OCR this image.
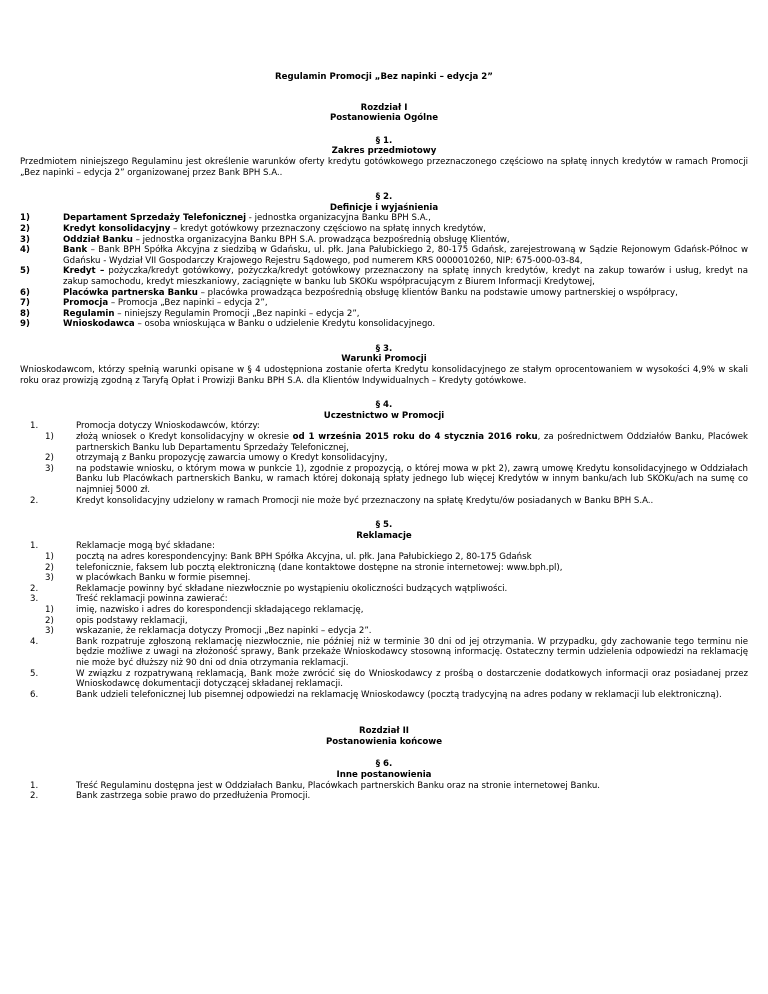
Regulamin Promocji „Bez napinki – edycja 2”
Rozdział I
Postanowienia Ogólne
§ 1.
Zakres przedmiotowy

Przedmiotem niniejszego Regulaminu jest określenie warunków oferty kredytu gotówkowego przeznaczonego częściowo na spłatę innych kredytów w ramach Promocji „Bez napinki – edycja 2” organizowanej przez Bank BPH S.A..

§ 2.
Definicje i wyjaśnienia
1)	Departament Sprzedaży Telefonicznej - jednostka organizacyjna Banku BPH S.A.,
2)	Kredyt konsolidacyjny – kredyt gotówkowy przeznaczony częściowo na spłatę innych kredytów,
3)	Oddział Banku – jednostka organizacyjna Banku BPH S.A. prowadząca bezpośrednią obsługę Klientów,
4)	Bank – Bank BPH Spółka Akcyjna z siedzibą w Gdańsku, ul. płk. Jana Pałubickiego 2, 80-175 Gdańsk, zarejestrowaną w Sądzie Rejonowym Gdańsk-Północ w Gdańsku - Wydział VII Gospodarczy Krajowego Rejestru Sądowego, pod numerem KRS 0000010260, NIP: 675-000-03-84,
5)	Kredyt – pożyczka/kredyt gotówkowy, pożyczka/kredyt gotówkowy przeznaczony na spłatę innych kredytów, kredyt na zakup towarów i usług, kredyt na zakup samochodu, kredyt mieszkaniowy, zaciągnięte w banku lub SKOKu współpracującym z Biurem Informacji Kredytowej,
6)	Placówka partnerska Banku – placówka prowadząca bezpośrednią obsługę klientów Banku na podstawie umowy partnerskiej o współpracy,
7)	Promocja – Promocja „Bez napinki – edycja 2”,
8)	Regulamin – niniejszy Regulamin Promocji „Bez napinki – edycja 2”,
9)	Wnioskodawca – osoba wnioskująca w Banku o udzielenie Kredytu konsolidacyjnego.
§ 3.
Warunki Promocji

Wnioskodawcom, którzy spełnią warunki opisane w § 4 udostępniona zostanie oferta Kredytu konsolidacyjnego ze stałym oprocentowaniem w wysokości 4,9% w skali roku oraz prowizją zgodną z Taryfą Opłat i Prowizji Banku BPH S.A. dla Klientów Indywidualnych – Kredyty gotówkowe.

§ 4.
Uczestnictwo w Promocji
1.	Promocja dotyczy Wnioskodawców, którzy:
1)	złożą wniosek o Kredyt konsolidacyjny w okresie od 1 września 2015 roku do 4 stycznia 2016 roku, za pośrednictwem Oddziałów Banku, Placówek partnerskich Banku lub Departamentu Sprzedaży Telefonicznej,
2)	otrzymają z Banku propozycję zawarcia umowy o Kredyt konsolidacyjny,
3)	na podstawie wniosku, o którym mowa w punkcie 1), zgodnie z propozycją, o której mowa w pkt 2), zawrą umowę Kredytu konsolidacyjnego w Oddziałach Banku lub Placówkach partnerskich Banku, w ramach której dokonają spłaty jednego lub więcej Kredytów w innym banku/ach lub SKOKu/ach na sumę co najmniej 5000 zł.
2.	Kredyt konsolidacyjny udzielony w ramach Promocji nie może być przeznaczony na spłatę Kredytu/ów posiadanych w Banku BPH S.A..
§ 5.
Reklamacje
1.	Reklamacje mogą być składane:
1)	pocztą na adres korespondencyjny: Bank BPH Spółka Akcyjna, ul. płk. Jana Pałubickiego 2, 80-175 Gdańsk
2)	telefonicznie, faksem lub pocztą elektroniczną (dane kontaktowe dostępne na stronie internetowej: www.bph.pl),
3)	w placówkach Banku w formie pisemnej.
2.	Reklamacje powinny być składane niezwłocznie po wystąpieniu okoliczności budzących wątpliwości.
3.	Treść reklamacji powinna zawierać:
1)	imię, nazwisko i adres do korespondencji składającego reklamację,
2)	opis podstawy reklamacji,
3)	wskazanie, że reklamacja dotyczy Promocji „Bez napinki – edycja 2”.
4.	Bank rozpatruje zgłoszoną reklamację niezwłocznie, nie później niż w terminie 30 dni od jej otrzymania. W przypadku, gdy zachowanie tego terminu nie będzie możliwe z uwagi na złożoność sprawy, Bank przekaże Wnioskodawcy stosowną informację. Ostateczny termin udzielenia odpowiedzi na reklamację nie może być dłuższy niż 90 dni od dnia otrzymania reklamacji.
5.	W związku z rozpatrywaną reklamacją, Bank może zwrócić się do Wnioskodawcy z prośbą o dostarczenie dodatkowych informacji oraz posiadanej przez Wnioskodawcę dokumentacji dotyczącej składanej reklamacji.
6.	Bank udzieli telefonicznej lub pisemnej odpowiedzi na reklamację Wnioskodawcy (pocztą tradycyjną na adres podany w reklamacji lub elektroniczną).
Rozdział II
Postanowienia końcowe
§ 6.
Inne postanowienia
1.	Treść Regulaminu dostępna jest w Oddziałach Banku, Placówkach partnerskich Banku oraz na stronie internetowej Banku.
2.	Bank zastrzega sobie prawo do przedłużenia Promocji.
